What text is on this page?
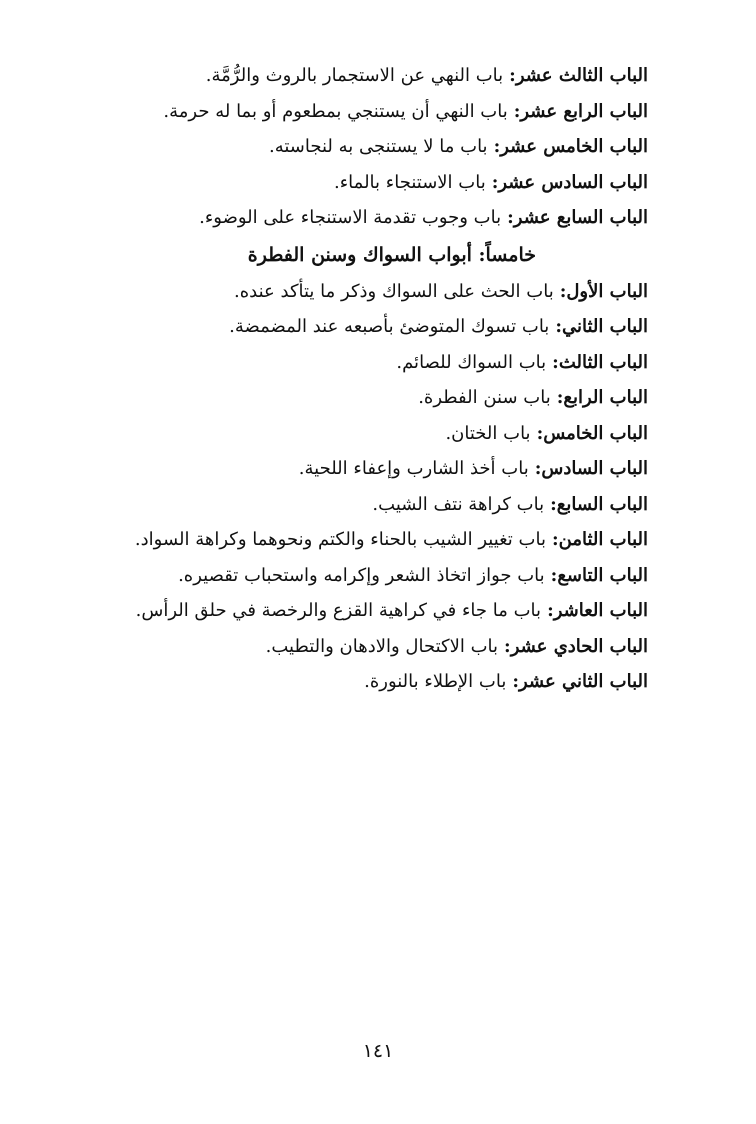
الباب الثالث عشر:باب النهي عن الاستجمار بالروث والرُّمَّة.
الباب الرابع عشر:باب النهي أن يستنجي بمطعوم أو بما له حرمة.
الباب الخامس عشر:باب ما لا يستنجى به لنجاسته.
الباب السادس عشر:باب الاستنجاء بالماء.
الباب السابع عشر:باب وجوب تقدمة الاستنجاء على الوضوء.
خامساً: أبواب السواك وسنن الفطرة
الباب الأول:باب الحث على السواك وذكر ما يتأكد عنده.
الباب الثاني:باب تسوك المتوضئ بأصبعه عند المضمضة.
الباب الثالث:باب السواك للصائم.
الباب الرابع:باب سنن الفطرة.
الباب الخامس:باب الختان.
الباب السادس:باب أخذ الشارب وإعفاء اللحية.
الباب السابع:باب كراهة نتف الشيب.
الباب الثامن:باب تغيير الشيب بالحناء والكتم ونحوهما وكراهة السواد.
الباب التاسع:باب جواز اتخاذ الشعر وإكرامه واستحباب تقصيره.
الباب العاشر:باب ما جاء في كراهية القزع والرخصة في حلق الرأس.
الباب الحادي عشر:باب الاكتحال والادهان والتطيب.
الباب الثاني عشر:باب الإطلاء بالنورة.
١٤١
